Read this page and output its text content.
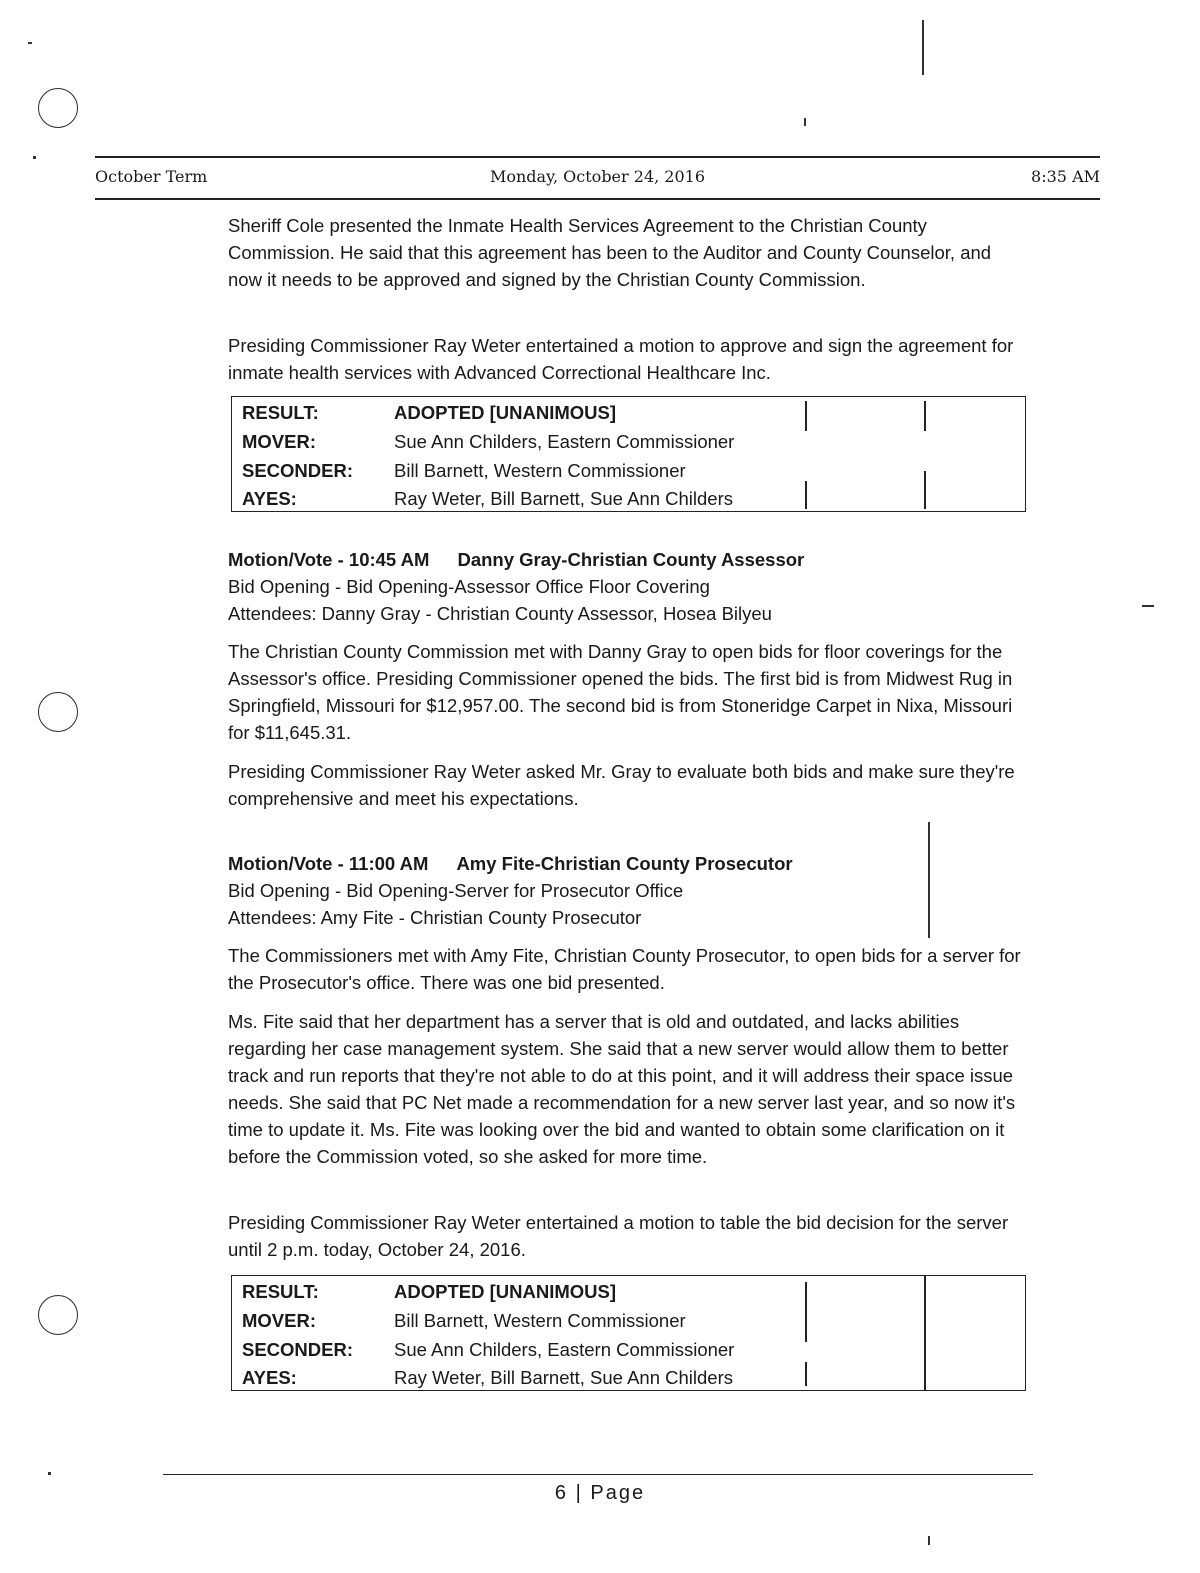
October Term	Monday, October 24, 2016	8:35 AM

Sheriff Cole presented the Inmate Health Services Agreement to the Christian County Commission. He said that this agreement has been to the Auditor and County Counselor, and now it needs to be approved and signed by the Christian County Commission.

Presiding Commissioner Ray Weter entertained a motion to approve and sign the agreement for inmate health services with Advanced Correctional Healthcare Inc.

RESULT:	ADOPTED [UNANIMOUS]
MOVER:	Sue Ann Childers, Eastern Commissioner
SECONDER:	Bill Barnett, Western Commissioner
AYES:	Ray Weter, Bill Barnett, Sue Ann Childers
Motion/Vote - 10:45 AM Danny Gray-Christian County Assessor
Bid Opening - Bid Opening-Assessor Office Floor Covering
Attendees: Danny Gray - Christian County Assessor, Hosea Bilyeu

The Christian County Commission met with Danny Gray to open bids for floor coverings for the Assessor's office. Presiding Commissioner opened the bids. The first bid is from Midwest Rug in Springfield, Missouri for $12,957.00. The second bid is from Stoneridge Carpet in Nixa, Missouri for $11,645.31.

Presiding Commissioner Ray Weter asked Mr. Gray to evaluate both bids and make sure they're comprehensive and meet his expectations.

Motion/Vote - 11:00 AM Amy Fite-Christian County Prosecutor
Bid Opening - Bid Opening-Server for Prosecutor Office
Attendees: Amy Fite - Christian County Prosecutor

The Commissioners met with Amy Fite, Christian County Prosecutor, to open bids for a server for the Prosecutor's office. There was one bid presented.

Ms. Fite said that her department has a server that is old and outdated, and lacks abilities regarding her case management system. She said that a new server would allow them to better track and run reports that they're not able to do at this point, and it will address their space issue needs. She said that PC Net made a recommendation for a new server last year, and so now it's time to update it. Ms. Fite was looking over the bid and wanted to obtain some clarification on it before the Commission voted, so she asked for more time.

Presiding Commissioner Ray Weter entertained a motion to table the bid decision for the server until 2 p.m. today, October 24, 2016.

RESULT:	ADOPTED [UNANIMOUS]
MOVER:	Bill Barnett, Western Commissioner
SECONDER:	Sue Ann Childers, Eastern Commissioner
AYES:	Ray Weter, Bill Barnett, Sue Ann Childers
6 | Page
